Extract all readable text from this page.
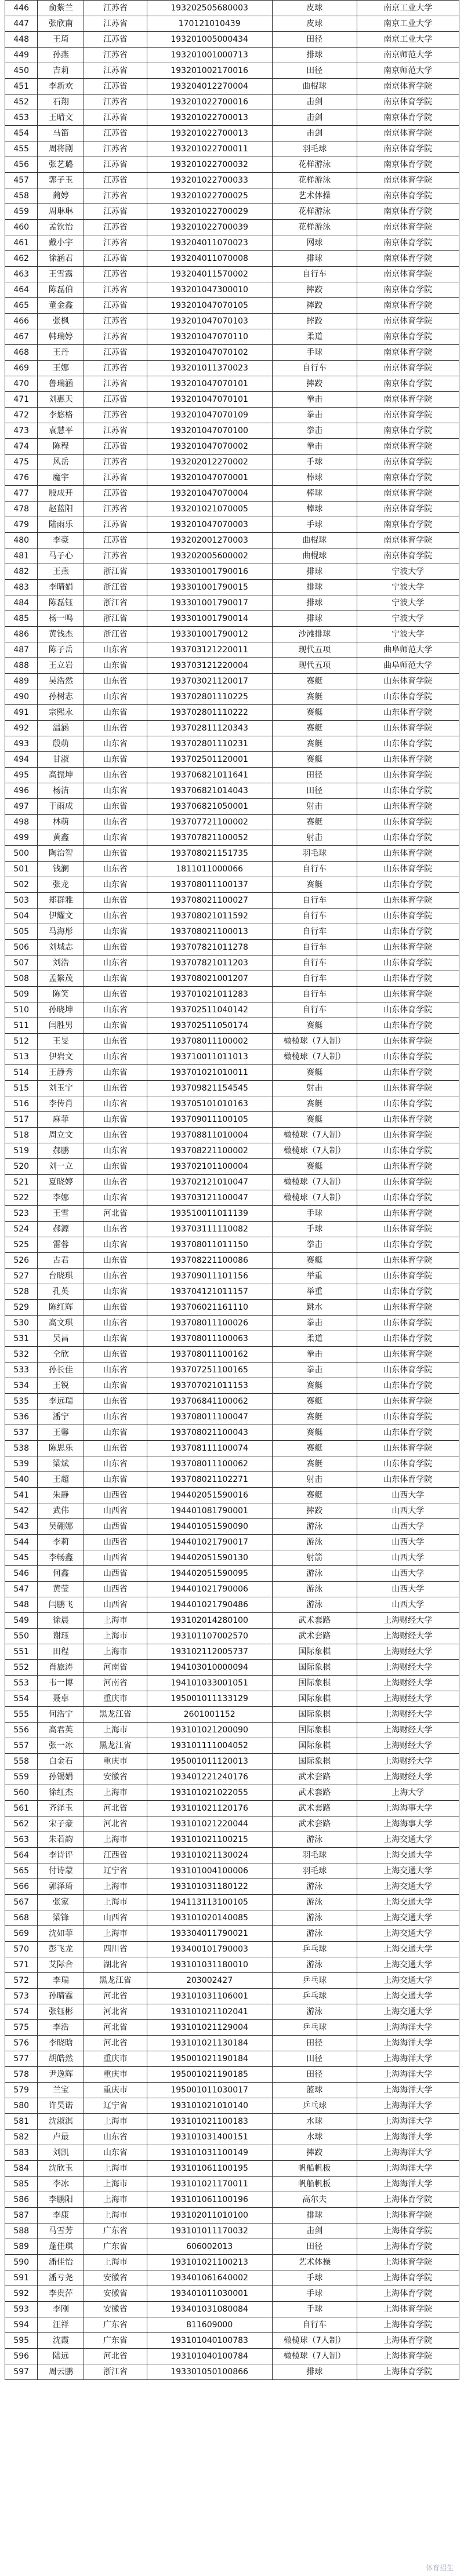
446	俞紫兰	江苏省	193202505680003	皮球	南京工业大学
447	张欣南	江苏省	170121010439	皮球	南京工业大学
448	王琦	江苏省	193201005000434	田径	南京工业大学
449	孙燕	江苏省	193201001000713	排球	南京师范大学
450	吉莉	江苏省	193201002170016	田径	南京师范大学
451	李新欢	江苏省	193204012270004	曲棍球	南京体育学院
452	石翔	江苏省	193201022700016	击剑	南京体育学院
453	王晴文	江苏省	193201022700013	击剑	南京体育学院
454	马笛	江苏省	193201022700013	击剑	南京体育学院
455	周将剧	江苏省	193201022700011	羽毛球	南京体育学院
456	张艺璐	江苏省	193201022700032	花样游泳	南京体育学院
457	郭子玉	江苏省	193201022700033	花样游泳	南京体育学院
458	蔺婷	江苏省	193201022700025	艺术体操	南京体育学院
459	周琳琳	江苏省	193201022700029	花样游泳	南京体育学院
460	孟钦怡	江苏省	193201022700039	花样游泳	南京体育学院
461	戴小宇	江苏省	193204011070023	网球	南京体育学院
462	徐涵君	江苏省	193204011070008	排球	南京体育学院
463	王雪露	江苏省	193204011570002	自行车	南京体育学院
464	陈磊伯	江苏省	193201047300010	摔跤	南京体育学院
465	董金鑫	江苏省	193201047070105	摔跤	南京体育学院
466	张枫	江苏省	193201047070103	摔跤	南京体育学院
467	韩瑞婷	江苏省	193201047070110	柔道	南京体育学院
468	王丹	江苏省	193201047070102	手球	南京体育学院
469	王娜	江苏省	193201011370023	自行车	南京体育学院
470	鲁瑞涵	江苏省	193201047070101	摔跤	南京体育学院
471	刘惠天	江苏省	193201047070101	拳击	南京体育学院
472	李悠格	江苏省	193201047070109	拳击	南京体育学院
473	袁慧平	江苏省	193201047070100	拳击	南京体育学院
474	陈程	江苏省	193201047070002	拳击	南京体育学院
475	风岳	江苏省	193202012270002	手球	南京体育学院
476	魔宇	江苏省	193201047070001	棒球	南京体育学院
477	殷成开	江苏省	193201047070004	棒球	南京体育学院
478	赵蓝阳	江苏省	193201021070005	棒球	南京体育学院
479	陆雨乐	江苏省	193201047070003	手球	南京体育学院
480	李豪	江苏省	193202001270003	曲棍球	南京体育学院
481	马子心	江苏省	193202005600002	曲棍球	南京体育学院
482	王燕	浙江省	193301001790016	排球	宁波大学
483	李晴娟	浙江省	193301001790015	排球	宁波大学
484	陈磊钰	浙江省	193301001790017	排球	宁波大学
485	杨一鸣	浙江省	193301001790014	排球	宁波大学
486	黄钱杰	浙江省	193301001790012	沙滩排球	宁波大学
487	陈子岳	山东省	193703121220011	现代五项	曲阜师范大学
488	王立岩	山东省	193703121220004	现代五项	曲阜师范大学
489	吴浩然	山东省	193703021120017	赛艇	山东体育学院
490	孙树志	山东省	193702801110225	赛艇	山东体育学院
491	宗熙永	山东省	193702801110222	赛艇	山东体育学院
492	温涵	山东省	193702811120343	赛艇	山东体育学院
493	殷萌	山东省	193702801110231	赛艇	山东体育学院
494	甘淑	山东省	193702501120001	赛艇	山东体育学院
495	高振坤	山东省	193706821011641	田径	山东体育学院
496	杨洁	山东省	193706821014043	田径	山东体育学院
497	于雨成	山东省	193706821050001	射击	山东体育学院
498	林萌	山东省	193707721100002	赛艇	山东体育学院
499	黄鑫	山东省	193707821100052	射击	山东体育学院
500	陶治智	山东省	193708021151735	羽毛球	山东体育学院
501	钱澜	山东省	1811011000066	自行车	山东体育学院
502	张龙	山东省	193708011100137	赛艇	山东体育学院
503	郑群雅	山东省	193708021100027	自行车	山东体育学院
504	伊耀文	山东省	193708021011592	自行车	山东体育学院
505	马海彤	山东省	193708021100013	自行车	山东体育学院
506	刘城志	山东省	193707821011278	自行车	山东体育学院
507	刘浩	山东省	193707821011203	自行车	山东体育学院
508	孟繁茂	山东省	193708021001207	自行车	山东体育学院
509	陈笑	山东省	193701021011283	自行车	山东体育学院
510	孙晓坤	山东省	193702511040142	自行车	山东体育学院
511	闫胜男	山东省	193702511050174	赛艇	山东体育学院
512	王旻	山东省	193708011100002	橄榄球（7人制）	山东体育学院
513	伊岩文	山东省	193710011011013	橄榄球（7人制）	山东体育学院
514	王静秀	山东省	193701021010011	赛艇	山东体育学院
515	刘玉宁	山东省	193709821154545	射击	山东体育学院
516	李传肖	山东省	193705101010163	赛艇	山东体育学院
517	麻菲	山东省	193709011100105	赛艇	山东体育学院
518	周立文	山东省	193708811010004	橄榄球（7人制）	山东体育学院
519	郝鹏	山东省	193708221100002	橄榄球（7人制）	山东体育学院
520	刘一立	山东省	193702101100004	赛艇	山东体育学院
521	夏晓婷	山东省	193702121010047	橄榄球（7人制）	山东体育学院
522	李娜	山东省	193703121100047	橄榄球（7人制）	山东体育学院
523	王雪	河北省	193510011011139	手球	山东体育学院
524	郝源	山东省	193703111110082	手球	山东体育学院
525	雷蓉	山东省	193708011011150	拳击	山东体育学院
526	古君	山东省	193708221100086	赛艇	山东体育学院
527	台晓琪	山东省	193709011101156	举重	山东体育学院
528	孔英	山东省	193704121011157	举重	山东体育学院
529	陈红辉	山东省	193706021161110	跳水	山东体育学院
530	高文琪	山东省	193708011100026	拳击	山东体育学院
531	吴昌	山东省	193708011100063	柔道	山东体育学院
532	仝欣	山东省	193708011100162	拳击	山东体育学院
533	孙长佳	山东省	193707251100165	拳击	山东体育学院
534	王锐	山东省	193707021011153	赛艇	山东体育学院
535	李远瑞	山东省	193706841100062	赛艇	山东体育学院
536	潘宁	山东省	193708011100047	赛艇	山东体育学院
537	王馨	山东省	193708021100043	赛艇	山东体育学院
538	陈思乐	山东省	193708111100074	赛艇	山东体育学院
539	梁斌	山东省	193708011100062	赛艇	山东体育学院
540	王超	山东省	193708021102271	射击	山东体育学院
541	朱静	山西省	194402051590016	赛艇	山西大学
542	武伟	山西省	194401081790001	摔跤	山西大学
543	吴硼娜	山西省	194401051590090	游泳	山西大学
544	李莉	山西省	194401021790017	游泳	山西大学
545	李畅鑫	山西省	194402051590130	射箭	山西大学
546	何鑫	山西省	194402051590095	游泳	山西大学
547	黄莹	山西省	194401021790006	游泳	山西大学
548	闫鹏飞	山西省	194401021790486	游泳	山西大学
549	徐晨	上海市	193102014280100	武术套路	上海财经大学
550	谢珏	上海市	193101107002570	武术套路	上海财经大学
551	田程	上海市	193102112005737	国际象棋	上海财经大学
552	肖旅涛	河南省	194103010000094	国际象棋	上海财经大学
553	韦一博	河南省	194101033001051	国际象棋	上海财经大学
554	聂卓	重庆市	195001011133129	国际象棋	上海财经大学
555	何浩宁	黑龙江省	2601001152	国际象棋	上海财经大学
556	高君英	上海市	193101021200090	国际象棋	上海财经大学
557	张一冰	黑龙江省	193101111004052	国际象棋	上海财经大学
558	白金石	重庆市	195001011120013	国际象棋	上海财经大学
559	孙锡娟	安徽省	193401221240176	武术套路	上海财经大学
560	徐红杰	上海市	193101021022055	武术套路	上海大学
561	齐泽玉	河北省	193101021120176	武术套路	上海海事大学
562	宋子豪	河北省	193101021220044	武术套路	上海海事大学
563	朱若韵	上海市	193101021100215	游泳	上海交通大学
564	李诗评	江西省	193101021130024	羽毛球	上海交通大学
565	付诗蒙	辽宁省	193101004100006	羽毛球	上海交通大学
566	郭泽琦	上海市	193101031180122	游泳	上海交通大学
567	张家	上海市	194113113100105	游泳	上海交通大学
568	梁锋	山西省	193101020140085	游泳	上海交通大学
569	沈如菲	上海市	193304011790021	游泳	上海交通大学
570	彭飞龙	四川省	193400101790003	乒乓球	上海交通大学
571	艾际合	湖北省	193101031180010	游泳	上海交通大学
572	李瑞	黑龙江省	203002427	乒乓球	上海交通大学
573	孙晴霆	河北省	193101031106001	乒乓球	上海交通大学
574	张钰彬	河北省	193101021102041	游泳	上海交通大学
575	李浩	河北省	193101021129004	乒乓球	上海海洋大学
576	李晓晗	河北省	193101021130184	田径	上海海洋大学
577	胡皓然	重庆市	195001021190184	田径	上海海洋大学
578	尹逸辉	重庆市	195001021190185	田径	上海海洋大学
579	兰宝	重庆市	195001011030017	篮球	上海海洋大学
580	许昊诺	辽宁省	193101021010140	乒乓球	上海海洋大学
581	沈淑淇	上海市	193101021100183	水球	上海海洋大学
582	卢最	山东省	193101031400151	水球	上海海洋大学
583	刘凯	山东省	193101031100149	摔跤	上海海洋大学
584	沈欣玉	上海市	193101061100195	帆船帆板	上海海洋大学
585	李冰	上海市	193101021170011	帆船帆板	上海海洋大学
586	李鹏阳	上海市	193101061100196	高尔夫	上海体育学院
587	李康	上海市	193102011010100	排球	上海体育学院
588	马雪芳	广东省	193101011170032	击剑	上海体育学院
589	蓬佳琪	广东省	606002013	田径	上海体育学院
590	潘佳怡	上海市	193101021100213	艺术体操	上海体育学院
591	潘亏尧	安徽省	193401061640002	手球	上海体育学院
592	李贵萍	安徽省	193401011030001	手球	上海体育学院
593	李刚	安徽省	193401031080084	手球	上海体育学院
594	汪祥	广东省	811609000	自行车	上海体育学院
595	沈霞	广东省	193101040100783	橄榄球（7人制）	上海体育学院
596	陆远	河北省	193101040100784	橄榄球（7人制）	上海体育学院
597	周云鹏	浙江省	193301050100866	排球	上海体育学院
体育招生
